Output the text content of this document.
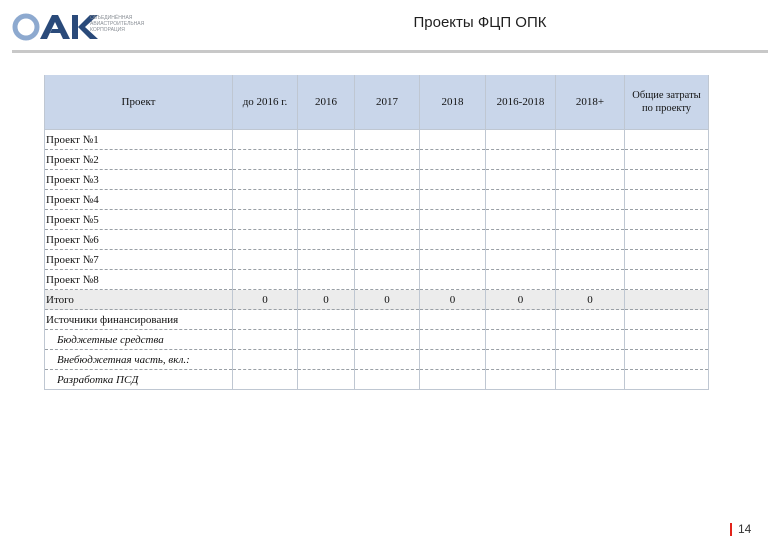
ОБЪЕДИНЁННАЯ
АВИАСТРОИТЕЛЬНАЯ
КОРПОРАЦИЯ	Проекты ФЦП ОПК
Проект	до 2016 г.	2016	2017	2018	2016-2018	2018+	Общие затраты по проекту
Проект №1							
Проект №2							
Проект №3							
Проект №4							
Проект №5							
Проект №6							
Проект №7							
Проект №8							
Итого	0	0	0	0	0	0	
Источники финансирования							
Бюджетные средства							
Внебюджетная часть, вкл.:							
Разработка ПСД							
14
